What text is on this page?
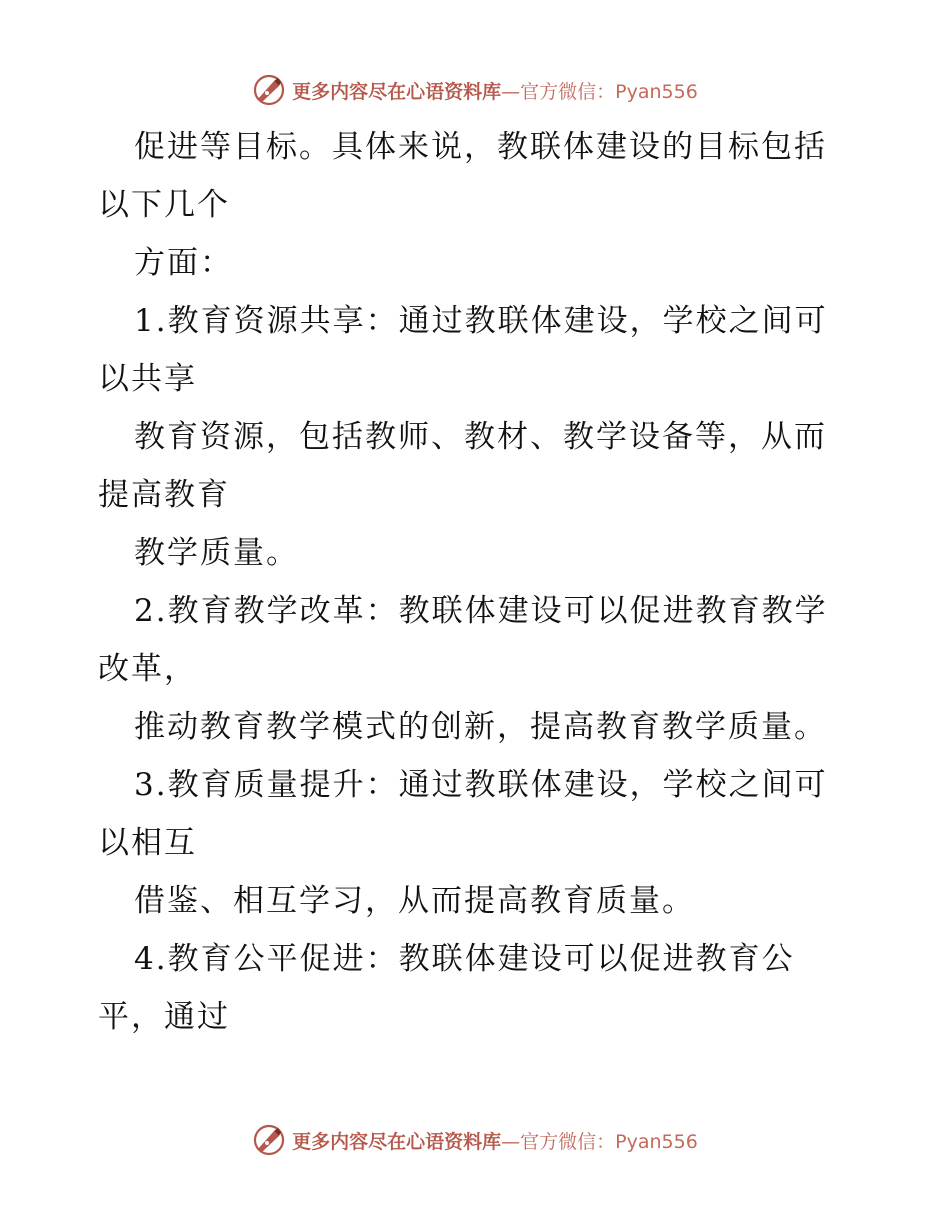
更多内容尽在心语资料库—官方微信：Pyan556
促进等目标。具体来说，教联体建设的目标包括
以下几个
方面：
1.教育资源共享：通过教联体建设，学校之间可
以共享
教育资源，包括教师、教材、教学设备等，从而
提高教育
教学质量。
2.教育教学改革：教联体建设可以促进教育教学
改革，
推动教育教学模式的创新，提高教育教学质量。
3.教育质量提升：通过教联体建设，学校之间可
以相互
借鉴、相互学习，从而提高教育质量。
4.教育公平促进：教联体建设可以促进教育公
平，通过
更多内容尽在心语资料库—官方微信：Pyan556
